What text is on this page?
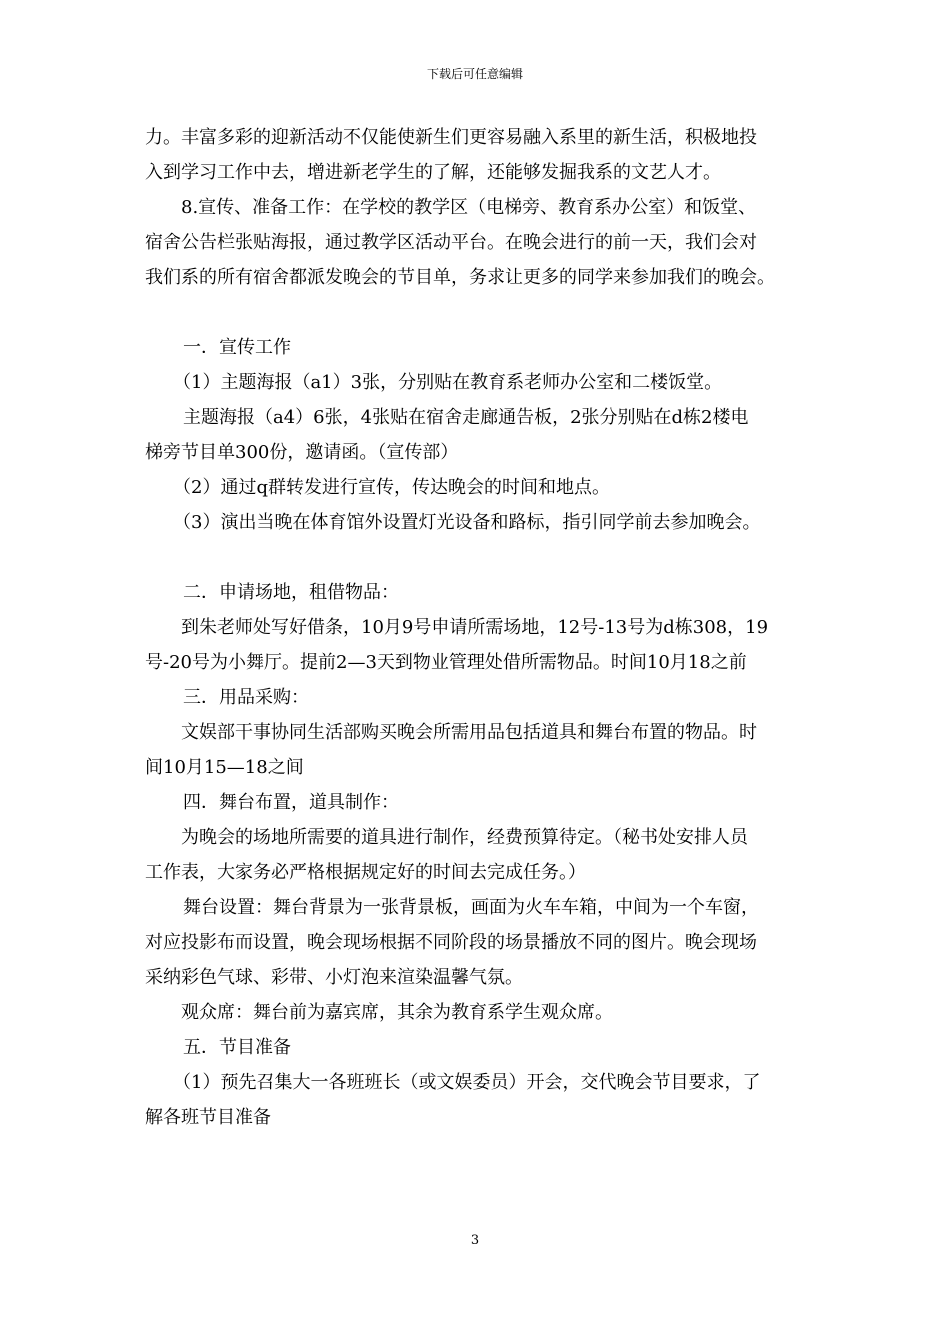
下载后可任意编辑
力。丰富多彩的迎新活动不仅能使新生们更容易融入系里的新生活，积极地投
入到学习工作中去，增进新老学生的了解，还能够发掘我系的文艺人才。
8.宣传、准备工作：在学校的教学区（电梯旁、教育系办公室）和饭堂、
宿舍公告栏张贴海报，通过教学区活动平台。在晚会进行的前一天，我们会对
我们系的所有宿舍都派发晚会的节目单，务求让更多的同学来参加我们的晚会。
一．宣传工作
（1）主题海报（a1）3张，分别贴在教育系老师办公室和二楼饭堂。
主题海报（a4）6张，4张贴在宿舍走廊通告板，2张分别贴在d栋2楼电
梯旁节目单300份，邀请函。（宣传部）
（2）通过q群转发进行宣传，传达晚会的时间和地点。
（3）演出当晚在体育馆外设置灯光设备和路标，指引同学前去参加晚会。
二．申请场地，租借物品：
到朱老师处写好借条，10月9号申请所需场地，12号-13号为d栋308，19
号-20号为小舞厅。提前2—3天到物业管理处借所需物品。时间10月18之前
三．用品采购：
文娱部干事协同生活部购买晚会所需用品包括道具和舞台布置的物品。时
间10月15—18之间
四．舞台布置，道具制作：
为晚会的场地所需要的道具进行制作，经费预算待定。（秘书处安排人员
工作表，大家务必严格根据规定好的时间去完成任务。）
舞台设置：舞台背景为一张背景板，画面为火车车箱，中间为一个车窗，
对应投影布而设置，晚会现场根据不同阶段的场景播放不同的图片。晚会现场
采纳彩色气球、彩带、小灯泡来渲染温馨气氛。
观众席：舞台前为嘉宾席，其余为教育系学生观众席。
五．节目准备
（1）预先召集大一各班班长（或文娱委员）开会，交代晚会节目要求，了
解各班节目准备
3
